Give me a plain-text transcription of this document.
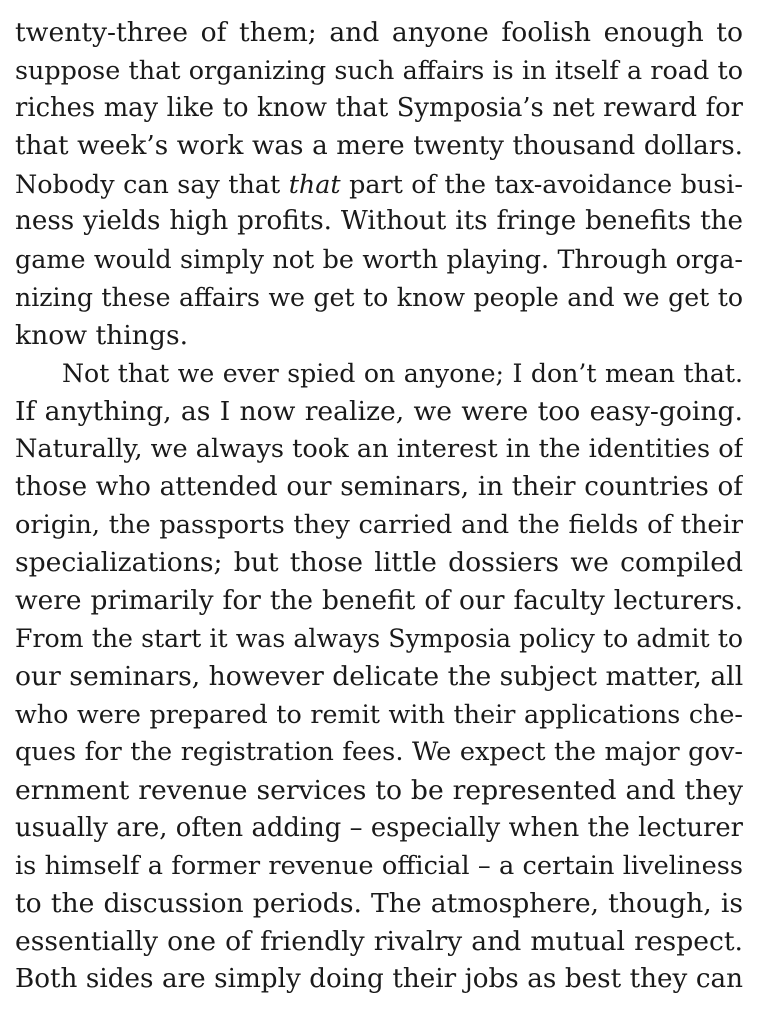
twenty-three of them; and anyone foolish enough to
suppose that organizing such affairs is in itself a road to
riches may like to know that Symposia’s net reward for
that week’s work was a mere twenty thousand dollars.
Nobody can say that that part of the tax-avoidance busi-
ness yields high profits. Without its fringe benefits the
game would simply not be worth playing. Through orga-
nizing these affairs we get to know people and we get to
know things.
Not that we ever spied on anyone; I don’t mean that.
If anything, as I now realize, we were too easy-going.
Naturally, we always took an interest in the identities of
those who attended our seminars, in their countries of
origin, the passports they carried and the fields of their
specializations; but those little dossiers we compiled
were primarily for the benefit of our faculty lecturers.
From the start it was always Symposia policy to admit to
our seminars, however delicate the subject matter, all
who were prepared to remit with their applications che-
ques for the registration fees. We expect the major gov-
ernment revenue services to be represented and they
usually are, often adding – especially when the lecturer
is himself a former revenue official – a certain liveliness
to the discussion periods. The atmosphere, though, is
essentially one of friendly rivalry and mutual respect.
Both sides are simply doing their jobs as best they can
